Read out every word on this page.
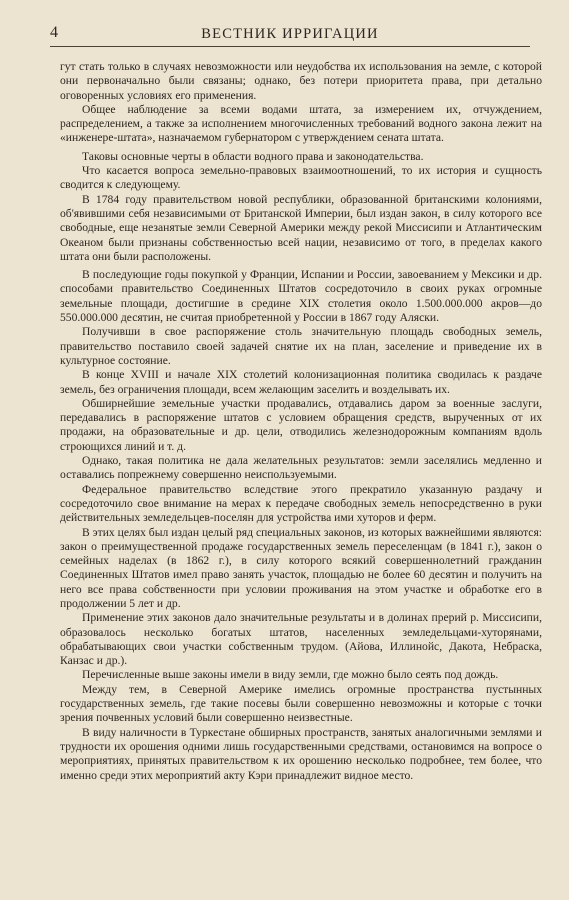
4	ВЕСТНИК ИРРИГАЦИИ

гут стать только в случаях невозможности или неудобства их использования на земле, с которой они первоначально были связаны; однако, без потери приоритета права, при детально оговоренных условиях его применения.

Общее наблюдение за всеми водами штата, за измерением их, отчуждением, распределением, а также за исполнением многочисленных требований водного закона лежит на «инженере-штата», назначаемом губернатором с утверждением сената штата.

Таковы основные черты в области водного права и законодательства.

Что касается вопроса земельно-правовых взаимоотношений, то их история и сущность сводится к следующему.

В 1784 году правительством новой республики, образованной британскими колониями, об'явившими себя независимыми от Британской Империи, был издан закон, в силу которого все свободные, еще незанятые земли Северной Америки между рекой Миссисипи и Атлантическим Океаном были признаны собственностью всей нации, независимо от того, в пределах какого штата они были расположены.

В последующие годы покупкой у Франции, Испании и России, завоеванием у Мексики и др. способами правительство Соединенных Штатов сосредоточило в своих руках огромные земельные площади, достигшие в средине XIX столетия около 1.500.000.000 акров—до 550.000.000 десятин, не считая приобретенной у России в 1867 году Аляски.

Получивши в свое распоряжение столь значительную площадь свободных земель, правительство поставило своей задачей снятие их на план, заселение и приведение их в культурное состояние.

В конце XVIII и начале XIX столетий колонизационная политика сводилась к раздаче земель, без ограничения площади, всем желающим заселить и возделывать их.

Обширнейшие земельные участки продавались, отдавались даром за военные заслуги, передавались в распоряжение штатов с условием обращения средств, вырученных от их продажи, на образовательные и др. цели, отводились железнодорожным компаниям вдоль строющихся линий и т. д.

Однако, такая политика не дала желательных результатов: земли заселялись медленно и оставались попрежнему совершенно неиспользуемыми.

Федеральное правительство вследствие этого прекратило указанную раздачу и сосредоточило свое внимание на мерах к передаче свободных земель непосредственно в руки действительных земледельцев-поселян для устройства ими хуторов и ферм.

В этих целях был издан целый ряд специальных законов, из которых важнейшими являются: закон о преимущественной продаже государственных земель переселенцам (в 1841 г.), закон о семейных наделах (в 1862 г.), в силу которого всякий совершеннолетний гражданин Соединенных Штатов имел право занять участок, площадью не более 60 десятин и получить на него все права собственности при условии проживания на этом участке и обработке его в продолжении 5 лет и др.

Применение этих законов дало значительные результаты и в долинах прерий р. Миссисипи, образовалось несколько богатых штатов, населенных земледельцами-хуторянами, обрабатывающих свои участки собственным трудом. (Айова, Иллинойс, Дакота, Небраска, Канзас и др.).

Перечисленные выше законы имели в виду земли, где можно было сеять под дождь.

Между тем, в Северной Америке имелись огромные пространства пустынных государственных земель, где такие посевы были совершенно невозможны и которые с точки зрения почвенных условий были совершенно неизвестные.

В виду наличности в Туркестане обширных пространств, занятых аналогичными землями и трудности их орошения одними лишь государственными средствами, остановимся на вопросе о мероприятиях, принятых правительством к их орошению несколько подробнее, тем более, что именно среди этих мероприятий акту Кэри принадлежит видное место.
